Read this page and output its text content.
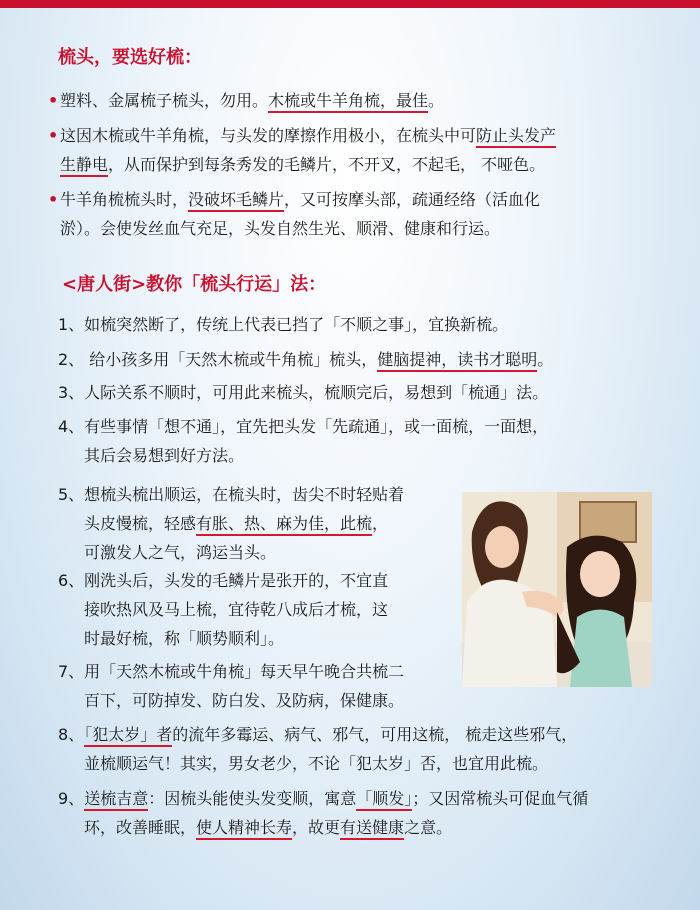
梳头，要选好梳：
• 塑料、金属梳子梳头，勿用。木梳或牛羊角梳，最佳。
• 这因木梳或牛羊角梳，与头发的摩擦作用极小，在梳头中可防止头发产
生静电，从而保护到每条秀发的毛鳞片，不开叉，不起毛， 不哑色。
• 牛羊角梳梳头时，没破坏毛鳞片，又可按摩头部，疏通经络（活血化
淤）。会使发丝血气充足，头发自然生光、顺滑、健康和行运。
<唐人街>教你「梳头行运」法：
1、如梳突然断了，传统上代表已挡了「不顺之事」，宜换新梳。
2、 给小孩多用「天然木梳或牛角梳」梳头，健脑提神，读书才聪明。
3、人际关系不顺时，可用此来梳头，梳顺完后，易想到「梳通」法。
4、有些事情「想不通」，宜先把头发「先疏通」，或一面梳，一面想，
其后会易想到好方法。
5、想梳头梳出顺运，在梳头时，齿尖不时轻贴着
头皮慢梳，轻感有胀、热、麻为佳，此梳，
可激发人之气，鸿运当头。
6、刚洗头后，头发的毛鳞片是张开的，不宜直
接吹热风及马上梳，宜待乾八成后才梳，这
时最好梳，称「顺势顺利」。
7、用「天然木梳或牛角梳」每天早午晚合共梳二
百下，可防掉发、防白发、及防病，保健康。
8、「犯太岁」者的流年多霉运、病气、邪气，可用这梳， 梳走这些邪气，
並梳顺运气！其实，男女老少，不论「犯太岁」否，也宜用此梳。
9、送梳吉意：因梳头能使头发变顺，寓意「顺发」；又因常梳头可促血气循
环，改善睡眠，使人精神长寿，故更有送健康之意。
